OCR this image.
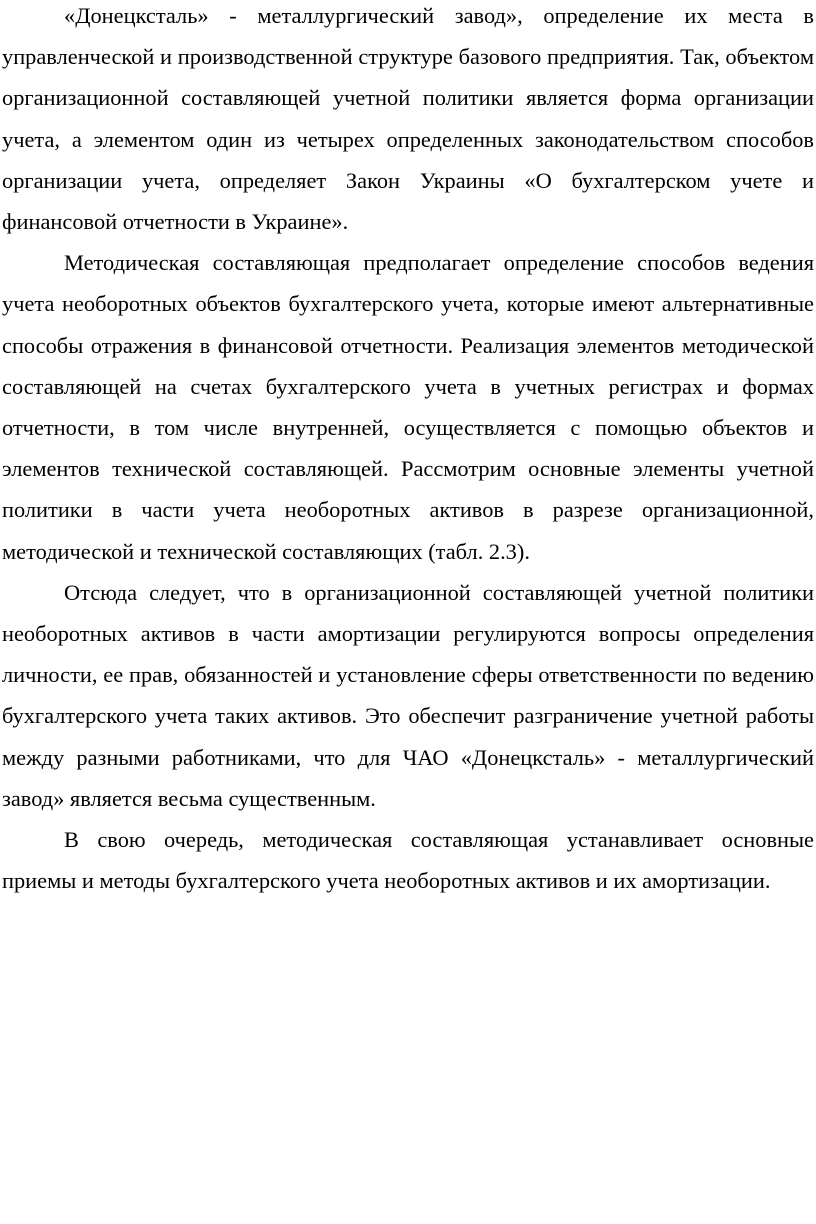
«Донецксталь» - металлургический завод», определение их места в управленческой и производственной структуре базового предприятия. Так, объектом организационной составляющей учетной политики является форма организации учета, а элементом один из четырех определенных законодательством способов организации учета, определяет Закон Украины «О бухгалтерском учете и финансовой отчетности в Украине».

Методическая составляющая предполагает определение способов ведения учета необоротных объектов бухгалтерского учета, которые имеют альтернативные способы отражения в финансовой отчетности. Реализация элементов методической составляющей на счетах бухгалтерского учета в учетных регистрах и формах отчетности, в том числе внутренней, осуществляется с помощью объектов и элементов технической составляющей. Рассмотрим основные элементы учетной политики в части учета необоротных активов в разрезе организационной, методической и технической составляющих (табл. 2.3).

Отсюда следует, что в организационной составляющей учетной политики необоротных активов в части амортизации регулируются вопросы определения личности, ее прав, обязанностей и установление сферы ответственности по ведению бухгалтерского учета таких активов. Это обеспечит разграничение учетной работы между разными работниками, что для ЧАО «Донецксталь» - металлургический завод» является весьма существенным.

В свою очередь, методическая составляющая устанавливает основные приемы и методы бухгалтерского учета необоротных активов и их амортизации.
